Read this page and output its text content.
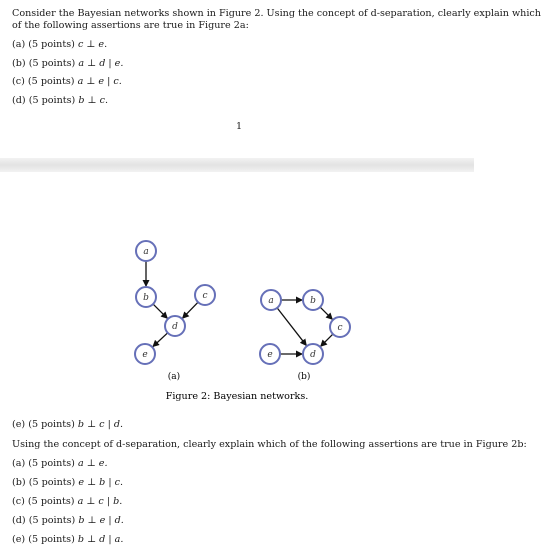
Consider the Bayesian networks shown in Figure 2. Using the concept of d-separation, clearly explain which
of the following assertions are true in Figure 2a:
(a) (5 points) c ⊥ e.
(b) (5 points) a ⊥ d | e.
(c) (5 points) a ⊥ e | c.
(d) (5 points) b ⊥ c.
1
a
b	c
d
e
a	b
c
e	d
(a)	(b)
Figure 2: Bayesian networks.
(e) (5 points) b ⊥ c | d.
Using the concept of d-separation, clearly explain which of the following assertions are true in Figure 2b:
(a) (5 points) a ⊥ e.
(b) (5 points) e ⊥ b | c.
(c) (5 points) a ⊥ c | b.
(d) (5 points) b ⊥ e | d.
(e) (5 points) b ⊥ d | a.
